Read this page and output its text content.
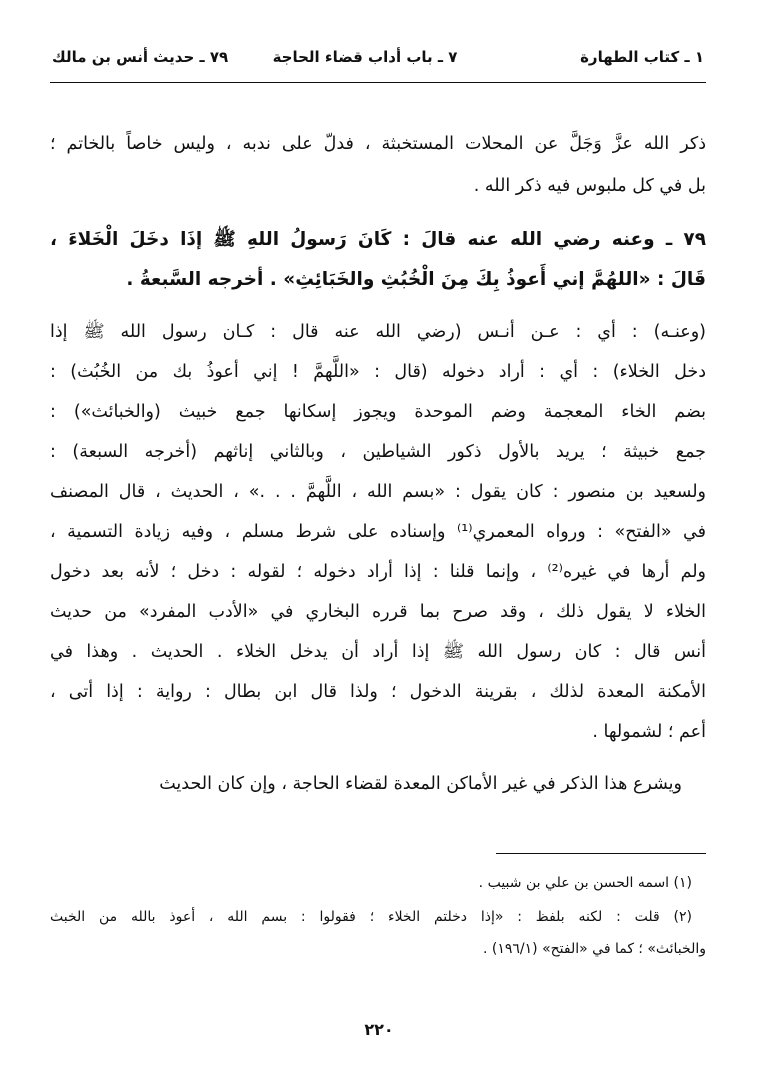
١ ـ كتاب الطهارة
٧ ـ باب أداب قضاء الحاجة
٧٩ ـ حديث أنس بن مالك
ذكر الله عزَّ وَجَلَّ عن المحلات المستخبثة ، فدلّ على ندبه ، وليس خاصاً بالخاتم ؛
بل في كل ملبوس فيه ذكر الله .
٧٩ ـ وعنه رضي الله عنه قالَ : كَانَ رَسولُ اللهِ ﷺ إذَا دخَلَ الْخَلاءَ ،
قَالَ : «اللهُمَّ إني أَعوذُ بِكَ مِنَ الْخُبُثِ والخَبَائِثِ» . أخرجه السَّبعةُ .
(وعنـه) : أي : عـن أنـس (رضي الله عنه قال : كـان رسول الله ﷺ إذا
دخل الخلاء) : أي : أراد دخوله (قال : «اللَّهمَّ ! إني أعوذُ بك من الخُبُث) :
بضم الخاء المعجمة وضم الموحدة ويجوز إسكانها جمع خبيث (والخبائث») :
جمع خبيثة ؛ يريد بالأول ذكور الشياطين ، وبالثاني إناثهم (أخرجه السبعة) :
ولسعيد بن منصور : كان يقول : «بسم الله ، اللَّهمَّ . . .» ، الحديث ، قال المصنف
في «الفتح» : ورواه المعمري⁽¹⁾ وإسناده على شرط مسلم ، وفيه زيادة التسمية ،
ولم أرها في غيره⁽²⁾ ، وإنما قلنا : إذا أراد دخوله ؛ لقوله : دخل ؛ لأنه بعد دخول
الخلاء لا يقول ذلك ، وقد صرح بما قرره البخاري في «الأدب المفرد» من حديث
أنس قال : كان رسول الله ﷺ إذا أراد أن يدخل الخلاء . الحديث . وهذا في
الأمكنة المعدة لذلك ، بقرينة الدخول ؛ ولذا قال ابن بطال : رواية : إذا أتى ،
أعم ؛ لشمولها .
ويشرع هذا الذكر في غير الأماكن المعدة لقضاء الحاجة ، وإن كان الحديث
(١) اسمه الحسن بن علي بن شبيب .
(٢) قلت : لكنه بلفظ : «إذا دخلتم الخلاء ؛ فقولوا : بسم الله ، أعوذ بالله من الخبث
والخبائث» ؛ كما في «الفتح» (١٩٦/١) .
٢٢٠
